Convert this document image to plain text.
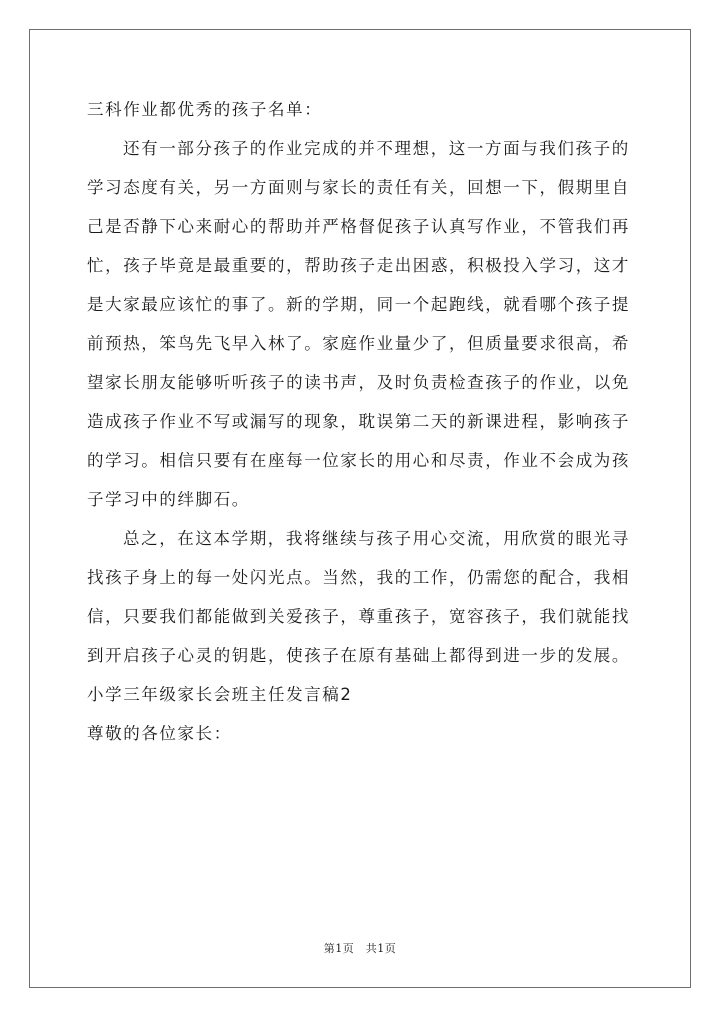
三科作业都优秀的孩子名单：
还有一部分孩子的作业完成的并不理想，这一方面与我们孩子的
学习态度有关，另一方面则与家长的责任有关，回想一下，假期里自
己是否静下心来耐心的帮助并严格督促孩子认真写作业，不管我们再
忙，孩子毕竟是最重要的，帮助孩子走出困惑，积极投入学习，这才
是大家最应该忙的事了。新的学期，同一个起跑线，就看哪个孩子提
前预热，笨鸟先飞早入林了。家庭作业量少了，但质量要求很高，希
望家长朋友能够听听孩子的读书声，及时负责检查孩子的作业，以免
造成孩子作业不写或漏写的现象，耽误第二天的新课进程，影响孩子
的学习。相信只要有在座每一位家长的用心和尽责，作业不会成为孩
子学习中的绊脚石。
总之，在这本学期，我将继续与孩子用心交流，用欣赏的眼光寻
找孩子身上的每一处闪光点。当然，我的工作，仍需您的配合，我相
信，只要我们都能做到关爱孩子，尊重孩子，宽容孩子，我们就能找
到开启孩子心灵的钥匙，使孩子在原有基础上都得到进一步的发展。
小学三年级家长会班主任发言稿2
尊敬的各位家长：
第1页　共1页
